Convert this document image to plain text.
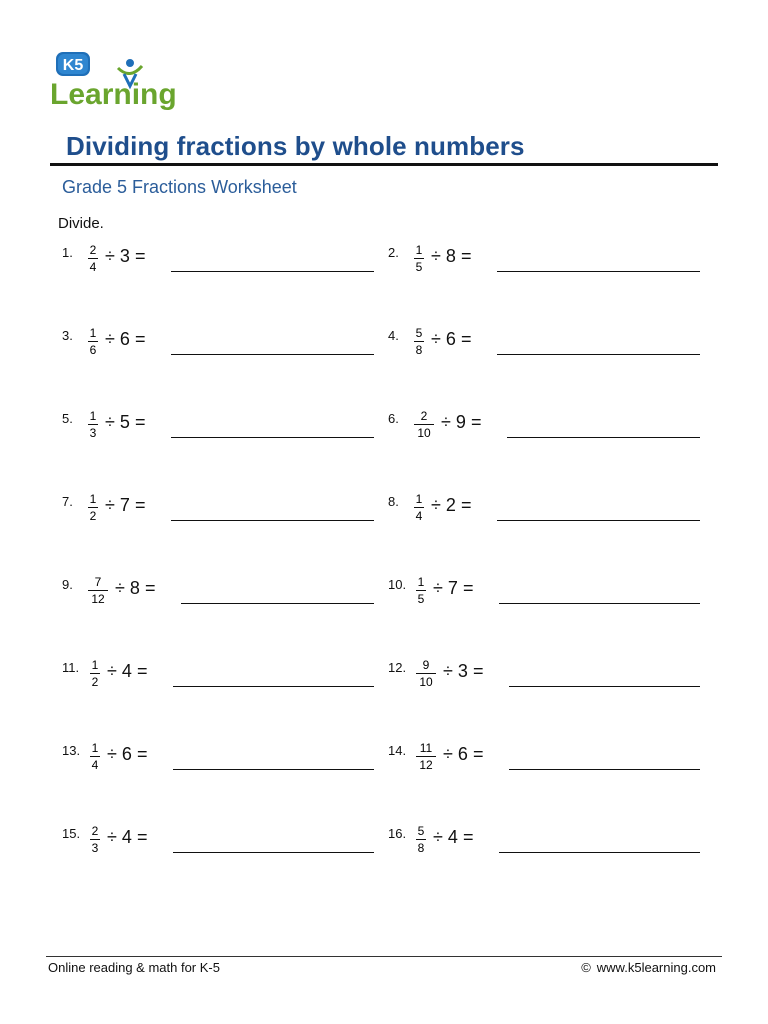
K5
Learning
Dividing fractions by whole numbers
Grade 5 Fractions Worksheet
Divide.
1. 2
4
÷ 3 =	2. 1
5
÷ 8 =
3. 1
6
÷ 6 =	4. 5
8
÷ 6 =
5. 1
3
÷ 5 =	6. 2
10
÷ 9 =
7. 1
2
÷ 7 =	8. 1
4
÷ 2 =
9. 7
12
÷ 8 =	10. 1
5
÷ 7 =
11. 1
2
÷ 4 =	12. 9
10
÷ 3 =
13. 1
4
÷ 6 =	14. 11
12
÷ 6 =
15. 2
3
÷ 4 =	16. 5
8
÷ 4 =
Online reading & math for K-5	© www.k5learning.com
